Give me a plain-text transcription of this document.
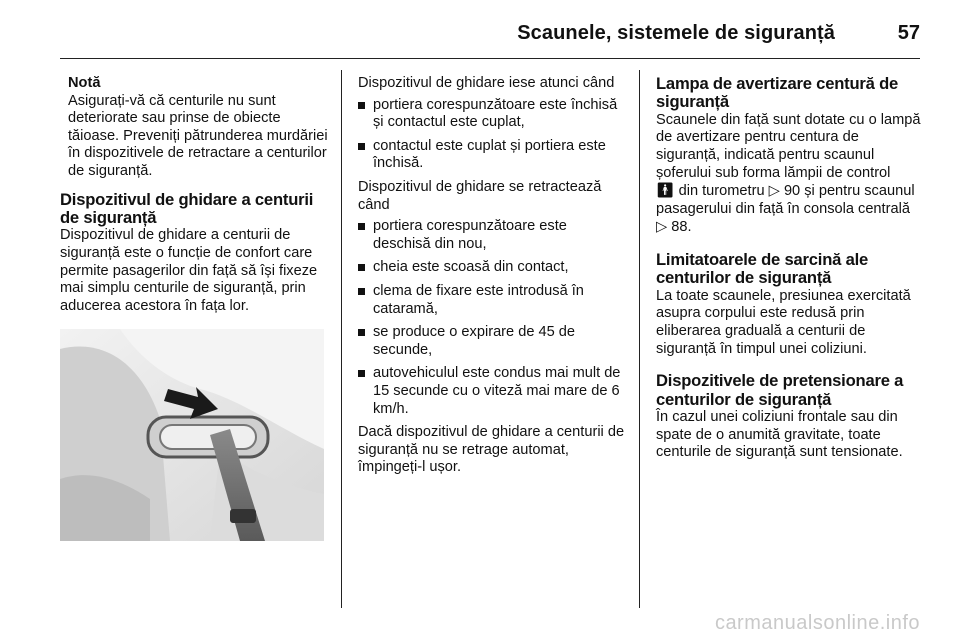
Scaunele, sistemele de siguranță	57

Notă

Asigurați-vă că centurile nu sunt deteriorate sau prinse de obiecte tăioase. Preveniți pătrunderea murdăriei în dispozitivele de retractare a centurilor de siguranță.

Dispozitivul de ghidare a centurii de siguranță

Dispozitivul de ghidare a centurii de siguranță este o funcție de confort care permite pasagerilor din față să își fixeze mai simplu centurile de siguranță, prin aducerea acestora în fața lor.

Dispozitivul de ghidare iese atunci când

portiera corespunzătoare este închisă și contactul este cuplat,
contactul este cuplat și portiera este închisă.

Dispozitivul de ghidare se retractează când

portiera corespunzătoare este deschisă din nou,
cheia este scoasă din contact,
clema de fixare este introdusă în cataramă,
se produce o expirare de 45 de secunde,
autovehiculul este condus mai mult de 15 secunde cu o viteză mai mare de 6 km/h.

Dacă dispozitivul de ghidare a centurii de siguranță nu se retrage automat, împingeți-l ușor.

Lampa de avertizare centură de siguranță

Scaunele din față sunt dotate cu o lampă de avertizare pentru centura de siguranță, indicată pentru scaunul șoferului sub forma lămpii de control
🚹︎ din turometru ▷ 90 și pentru scaunul pasagerului din față în consola centrală ▷ 88.

Limitatoarele de sarcină ale centurilor de siguranță

La toate scaunele, presiunea exercitată asupra corpului este redusă prin eliberarea graduală a centurii de siguranță în timpul unei coliziuni.

Dispozitivele de pretensionare a centurilor de siguranță

În cazul unei coliziuni frontale sau din spate de o anumită gravitate, toate centurile de siguranță sunt tensionate.

carmanualsonline.info
